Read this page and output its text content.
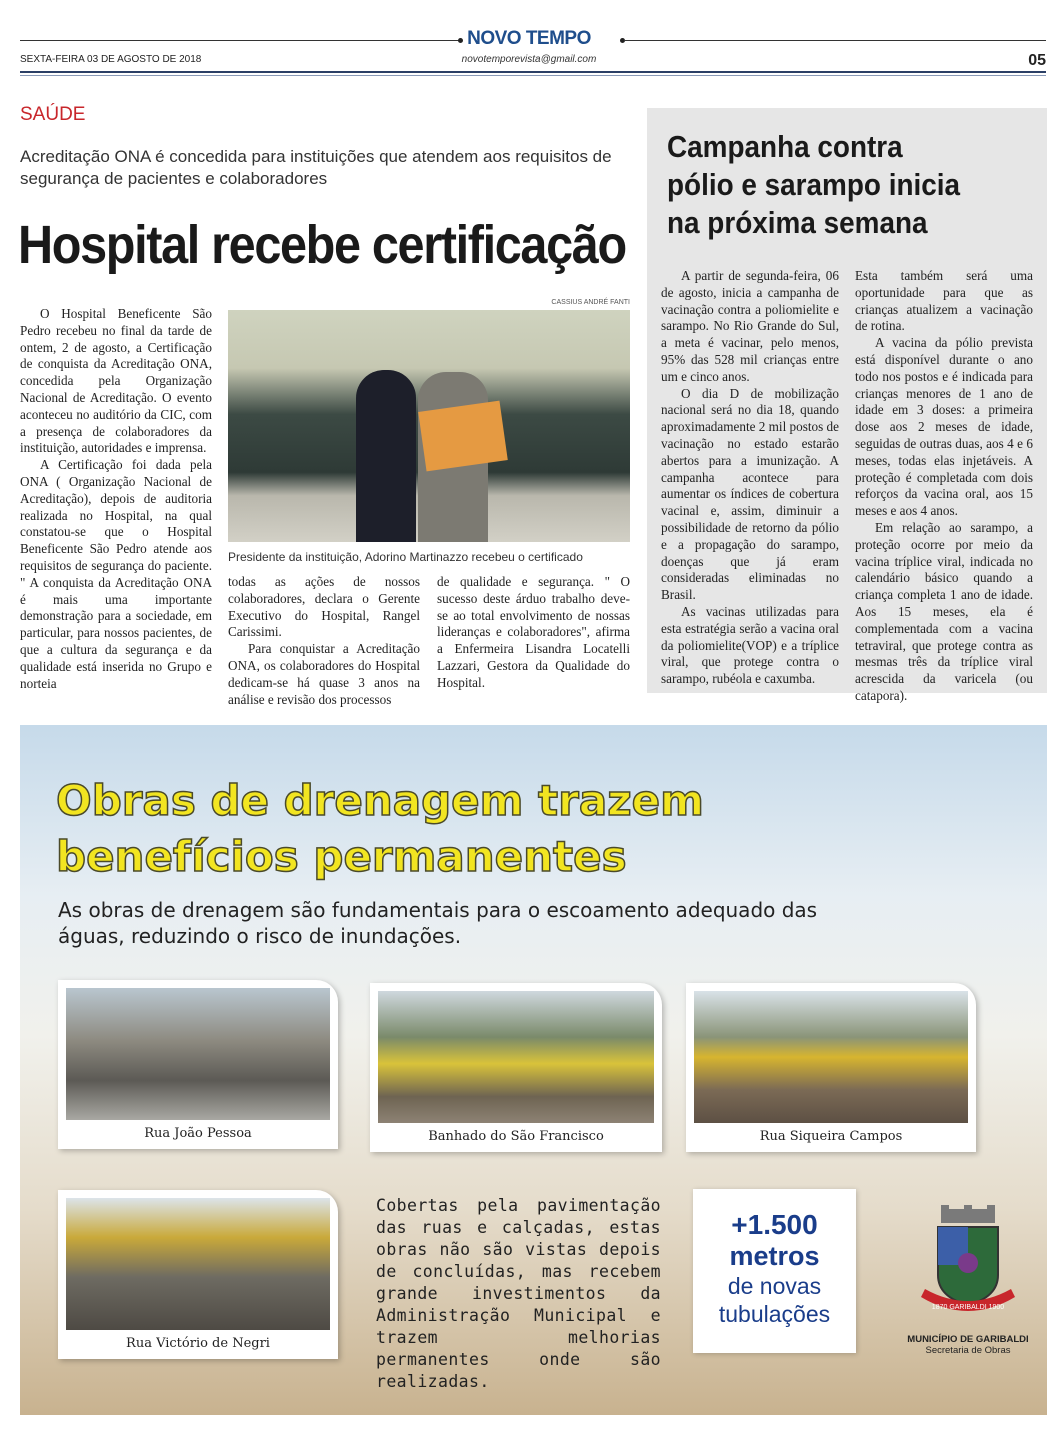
NOVO TEMPO
novotemporevista@gmail.com
SEXTA-FEIRA 03 DE AGOSTO DE 2018	05
SAÚDE
Acreditação ONA é concedida para instituições que atendem aos requisitos de segurança de pacientes e colaboradores
Hospital recebe certificação

O Hospital Beneficente São Pedro recebeu no final da tarde de ontem, 2 de agosto, a Certificação de conquista da Acreditação ONA, concedida pela Organização Nacional de Acreditação. O evento aconteceu no auditório da CIC, com a presença de colaboradores da instituição, autoridades e imprensa.

A Certificação foi dada pela ONA ( Organização Nacional de Acreditação), depois de auditoria realizada no Hospital, na qual constatou-se que o Hospital Beneficente São Pedro atende aos requisitos de segurança do paciente. " A conquista da Acreditação ONA é mais uma importante demonstração para a sociedade, em particular, para nossos pacientes, de que a cultura da segurança e da qualidade está inserida no Grupo e norteia

CASSIUS ANDRÉ FANTI
Presidente da instituição, Adorino Martinazzo recebeu o certificado

todas as ações de nossos colaboradores, declara o Gerente Executivo do Hospital, Rangel Carissimi.

Para conquistar a Acreditação ONA, os colaboradores do Hospital dedicam-se há quase 3 anos na análise e revisão dos processos

de qualidade e segurança. " O sucesso deste árduo trabalho deve-se ao total envolvimento de nossas lideranças e colaboradores", afirma a Enfermeira Lisandra Locatelli Lazzari, Gestora da Qualidade do Hospital.

Campanha contra pólio e sarampo inicia na próxima semana

A partir de segunda-feira, 06 de agosto, inicia a campanha de vacinação contra a poliomielite e sarampo. No Rio Grande do Sul, a meta é vacinar, pelo menos, 95% das 528 mil crianças entre um e cinco anos.

O dia D de mobilização nacional será no dia 18, quando aproximadamente 2 mil postos de vacinação no estado estarão abertos para a imunização. A campanha acontece para aumentar os índices de cobertura vacinal e, assim, diminuir a possibilidade de retorno da pólio e a propagação do sarampo, doenças que já eram consideradas eliminadas no Brasil.

As vacinas utilizadas para esta estratégia serão a vacina oral da poliomielite(VOP) e a tríplice viral, que protege contra o sarampo, rubéola e caxumba.

Esta também será uma oportunidade para que as crianças atualizem a vacinação de rotina.

A vacina da pólio prevista está disponível durante o ano todo nos postos e é indicada para crianças menores de 1 ano de idade em 3 doses: a primeira dose aos 2 meses de idade, seguidas de outras duas, aos 4 e 6 meses, todas elas injetáveis. A proteção é completada com dois reforços da vacina oral, aos 15 meses e aos 4 anos.

Em relação ao sarampo, a proteção ocorre por meio da vacina tríplice viral, indicada no calendário básico quando a criança completa 1 ano de idade. Aos 15 meses, ela é complementada com a vacina tetraviral, que protege contra as mesmas três da tríplice viral acrescida da varicela (ou catapora).

Obras de drenagem trazem
benefícios permanentes
As obras de drenagem são fundamentais para o escoamento adequado das águas, reduzindo o risco de inundações.
Rua João Pessoa	Banhado do São Francisco	Rua Siqueira Campos
Rua Victório de Negri
Cobertas pela pavimentação das ruas e calçadas, estas obras não são vistas depois de concluídas, mas recebem grande investimentos da Administração Municipal e trazem melhorias permanentes onde são realizadas.
+1.500
metros
de novas tubulações	1870 GARIBALDI 1900
MUNICÍPIO DE GARIBALDI
Secretaria de Obras
